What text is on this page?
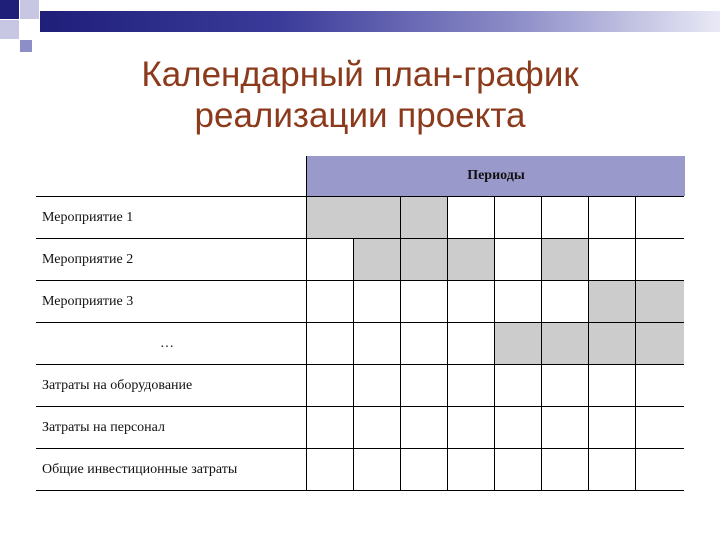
Календарный план-график
реализации проекта
Периоды
Мероприятие 1
Мероприятие 2
Мероприятие 3
…
Затраты на оборудование
Затраты на персонал
Общие инвестиционные затраты
